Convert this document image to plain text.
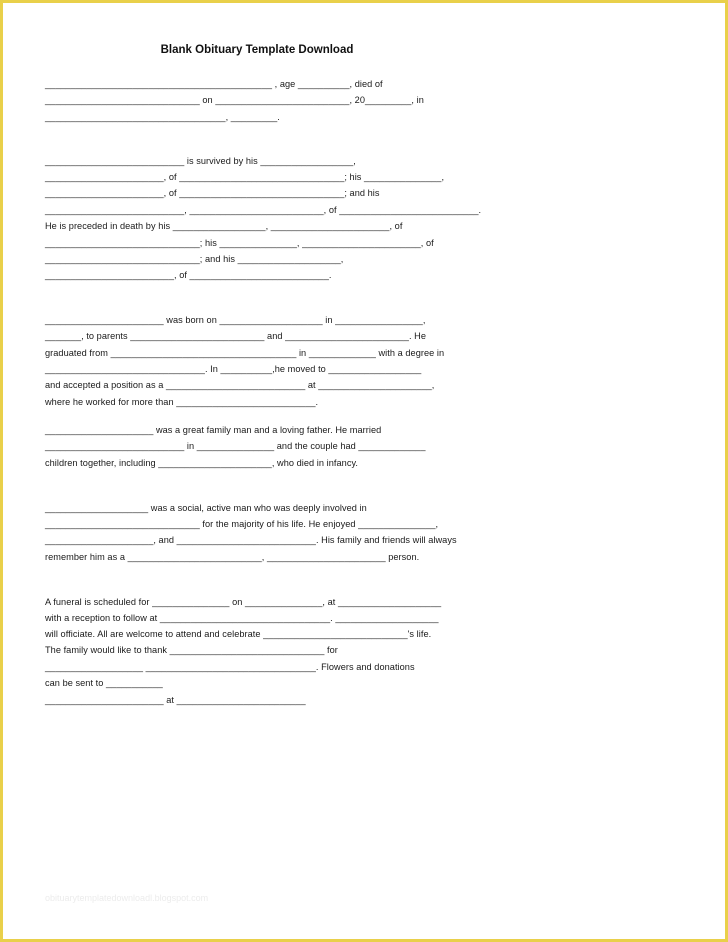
Blank Obituary Template Download
____________________________________________ , age __________, died of
______________________________ on __________________________, 20_________, in
___________________________________, _________.
___________________________ is survived by his __________________,
_______________________, of ________________________________; his _______________,
_______________________, of ________________________________; and his
___________________________, __________________________, of ___________________________.
He is preceded in death by his __________________, _______________________, of
______________________________; his _______________, _______________________, of
______________________________; and his ____________________,
_________________________, of ___________________________.
_______________________ was born on ____________________ in _________________,
_______, to parents __________________________ and ________________________. He
graduated from ____________________________________ in _____________ with a degree in
_______________________________. In __________,he moved to __________________
and accepted a position as a ___________________________ at ______________________,
where he worked for more than ___________________________.
_____________________ was a great family man and a loving father. He married
___________________________ in _______________ and the couple had _____________
children together, including ______________________, who died in infancy.
____________________ was a social, active man who was deeply involved in
______________________________ for the majority of his life. He enjoyed _______________,
_____________________, and ___________________________. His family and friends will always
remember him as a __________________________, _______________________ person.
A funeral is scheduled for _______________ on _______________, at ____________________
with a reception to follow at _________________________________. ____________________
will officiate. All are welcome to attend and celebrate ____________________________'s life.
The family would like to thank ______________________________ for
___________________ _________________________________. Flowers and donations
can be sent to ___________
_______________________ at _________________________
obituarytemplatedownloadl.blogspot.com
